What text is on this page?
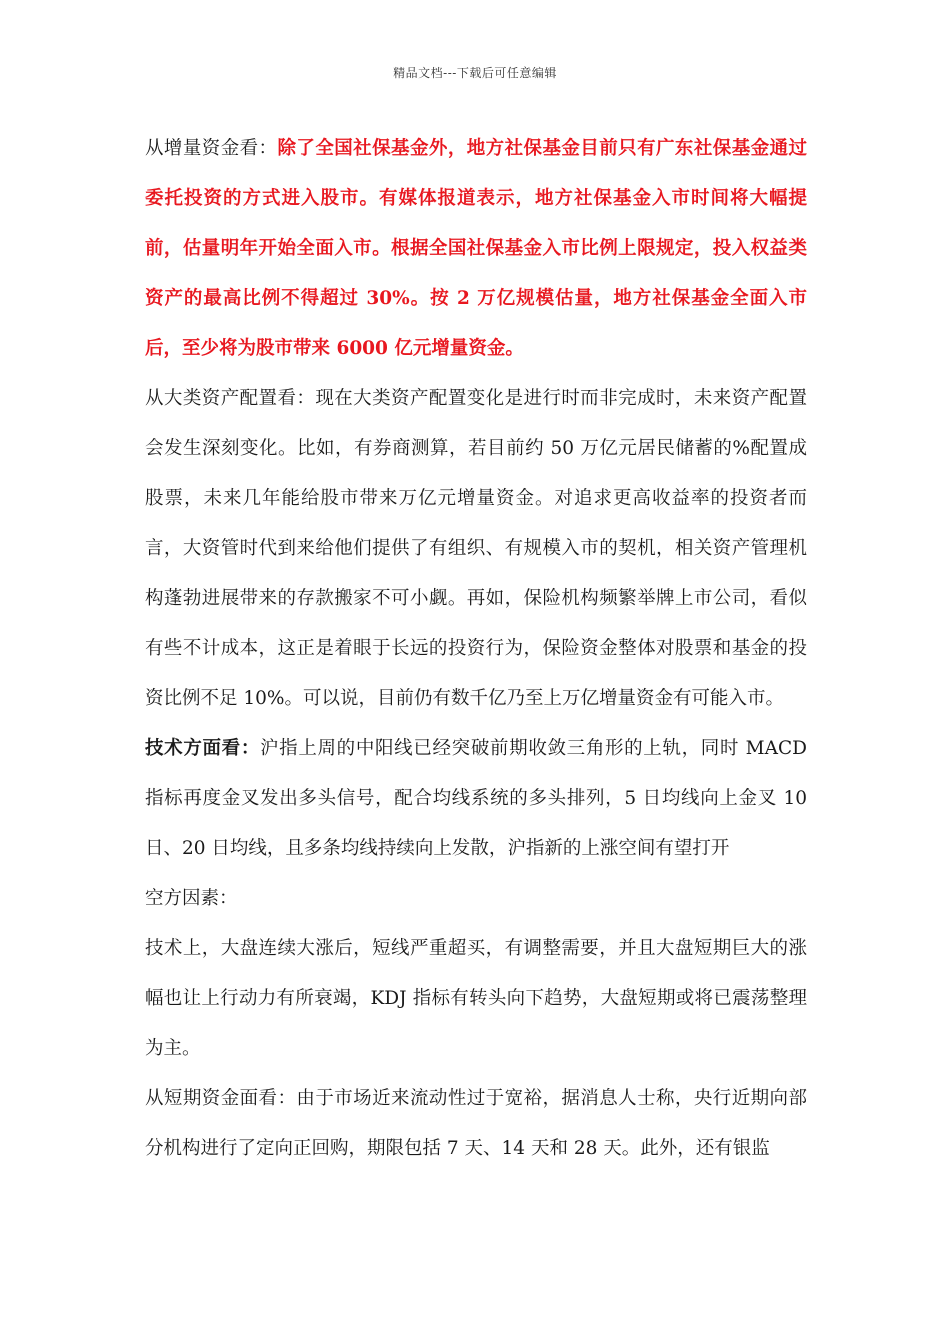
精品文档---下载后可任意编辑

从增量资金看：除了全国社保基金外，地方社保基金目前只有广东社保基金通过委托投资的方式进入股市。有媒体报道表示，地方社保基金入市时间将大幅提前，估量明年开始全面入市。根据全国社保基金入市比例上限规定，投入权益类资产的最高比例不得超过 30%。按 2 万亿规模估量，地方社保基金全面入市后，至少将为股市带来 6000 亿元增量资金。

从大类资产配置看：现在大类资产配置变化是进行时而非完成时，未来资产配置会发生深刻变化。比如，有券商测算，若目前约 50 万亿元居民储蓄的%配置成股票，未来几年能给股市带来万亿元增量资金。对追求更高收益率的投资者而言，大资管时代到来给他们提供了有组织、有规模入市的契机，相关资产管理机构蓬勃进展带来的存款搬家不可小觑。再如，保险机构频繁举牌上市公司，看似有些不计成本，这正是着眼于长远的投资行为，保险资金整体对股票和基金的投资比例不足 10%。可以说，目前仍有数千亿乃至上万亿增量资金有可能入市。

技术方面看：沪指上周的中阳线已经突破前期收敛三角形的上轨，同时 MACD 指标再度金叉发出多头信号，配合均线系统的多头排列，5 日均线向上金叉 10 日、20 日均线，且多条均线持续向上发散，沪指新的上涨空间有望打开

空方因素：

技术上，大盘连续大涨后，短线严重超买，有调整需要，并且大盘短期巨大的涨幅也让上行动力有所衰竭，KDJ 指标有转头向下趋势，大盘短期或将已震荡整理为主。

从短期资金面看：由于市场近来流动性过于宽裕，据消息人士称，央行近期向部分机构进行了定向正回购，期限包括 7 天、14 天和 28 天。此外，还有银监
